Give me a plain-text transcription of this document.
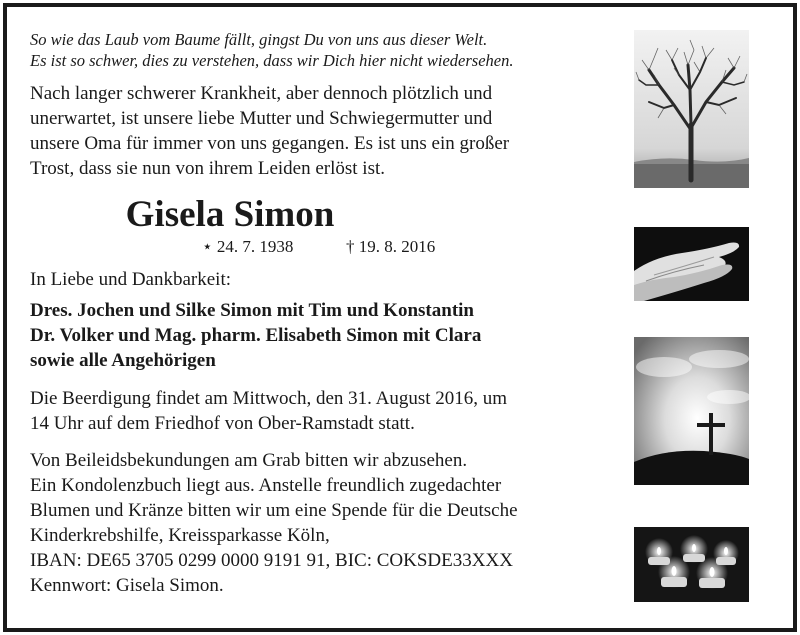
So wie das Laub vom Baume fällt, gingst Du von uns aus dieser Welt.

Es ist so schwer, dies zu verstehen, dass wir Dich hier nicht wiedersehen.

Nach langer schwerer Krankheit, aber dennoch plötzlich und
unerwartet, ist unsere liebe Mutter und Schwiegermutter und
unsere Oma für immer von uns gegangen. Es ist uns ein großer
Trost, dass sie nun von ihrem Leiden erlöst ist.
Gisela Simon
⋆ 24. 7. 1938	† 19. 8. 2016

In Liebe und Dankbarkeit:

Dres. Jochen und Silke Simon mit Tim und Konstantin

Dr. Volker und Mag. pharm. Elisabeth Simon mit Clara

sowie alle Angehörigen

Die Beerdigung findet am Mittwoch, den 31. August 2016, um

14 Uhr auf dem Friedhof von Ober-Ramstadt statt.

Von Beileidsbekundungen am Grab bitten wir abzusehen.

Ein Kondolenzbuch liegt aus. Anstelle freundlich zugedachter

Blumen und Kränze bitten wir um eine Spende für die Deutsche

Kinderkrebshilfe, Kreissparkasse Köln,

IBAN: DE65 3705 0299 0000 9191 91, BIC: COKSDE33XXX

Kennwort: Gisela Simon.
